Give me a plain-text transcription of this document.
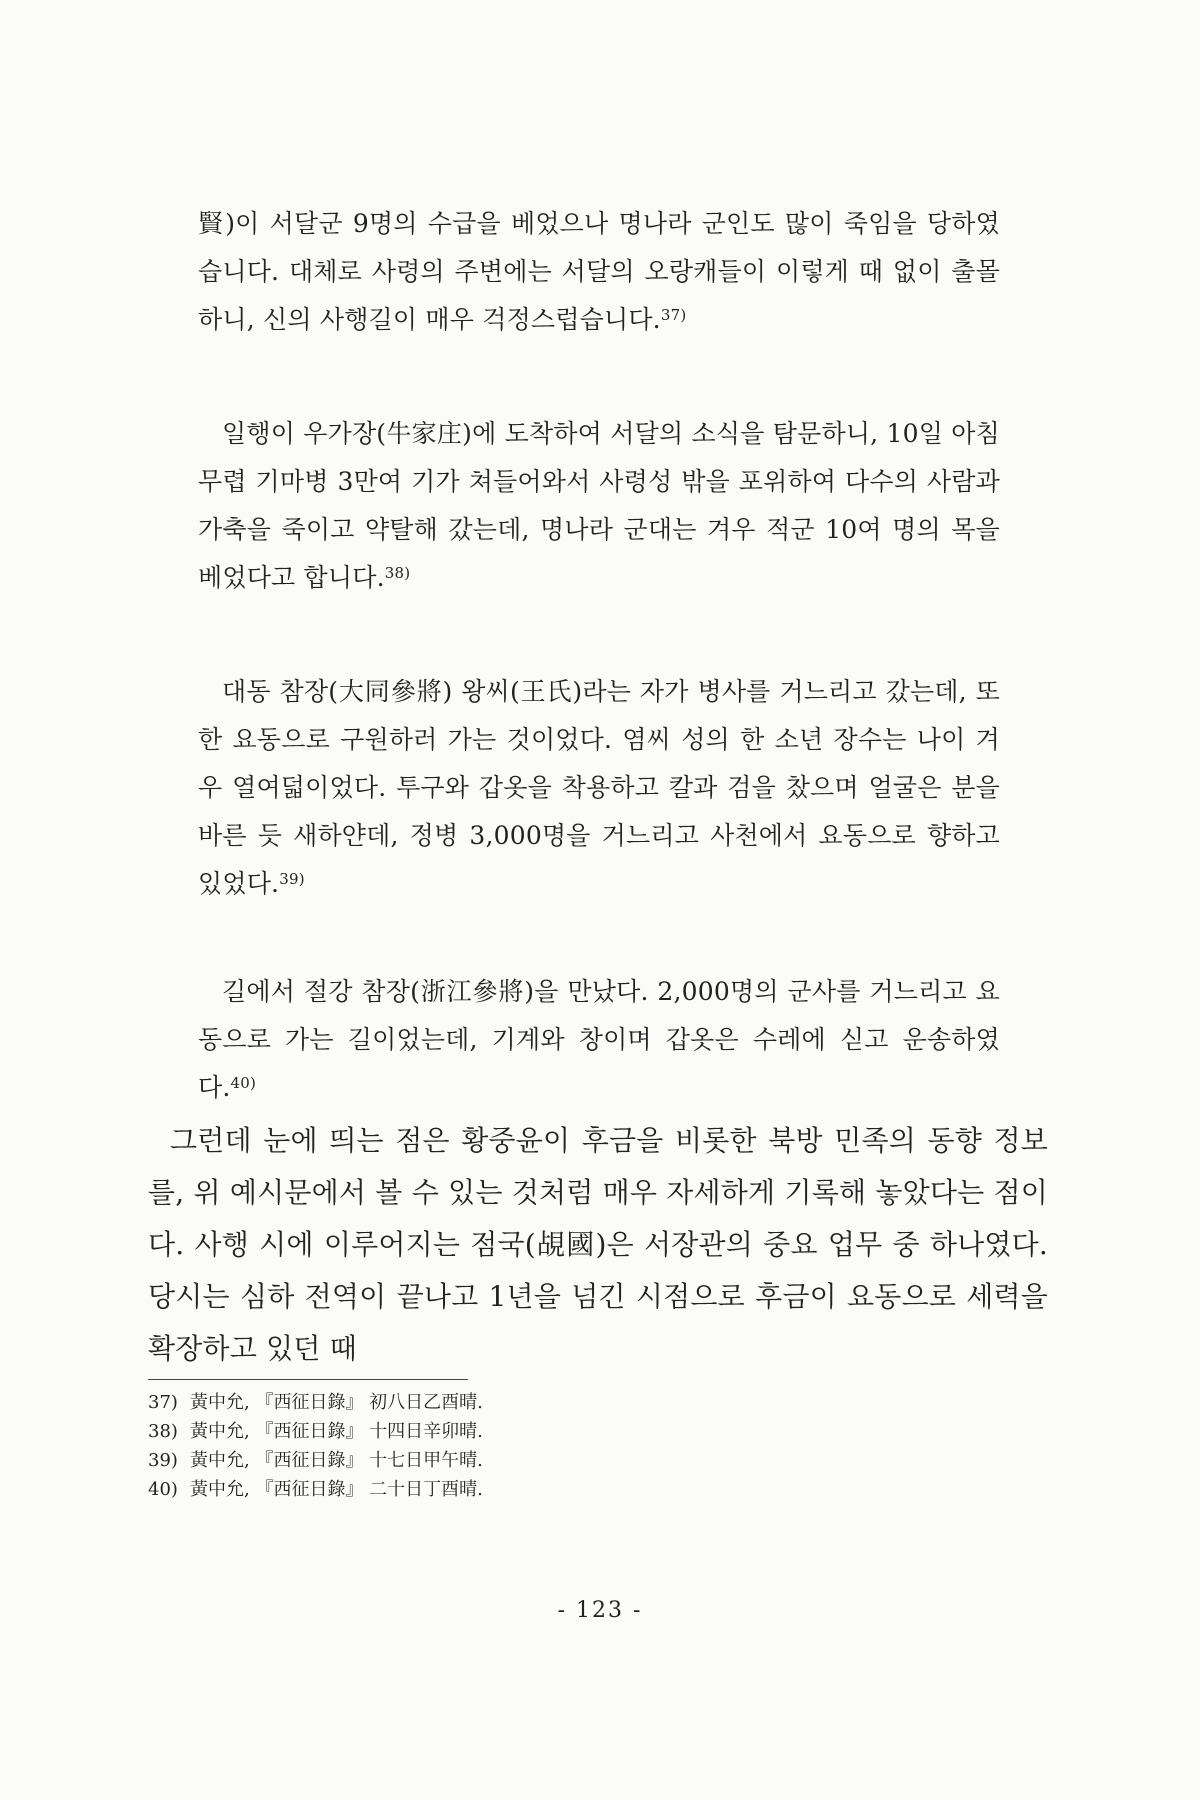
賢)이 서달군 9명의 수급을 베었으나 명나라 군인도 많이 죽임을 당하였습니다. 대체로 사령의 주변에는 서달의 오랑캐들이 이렇게 때 없이 출몰하니, 신의 사행길이 매우 걱정스럽습니다.$^{37)}$

일행이 우가장(牛家庄)에 도착하여 서달의 소식을 탐문하니, 10일 아침 무렵 기마병 3만여 기가 쳐들어와서 사령성 밖을 포위하여 다수의 사람과 가축을 죽이고 약탈해 갔는데, 명나라 군대는 겨우 적군 10여 명의 목을 베었다고 합니다.$^{38)}$

대동 참장(大同參將) 왕씨(王氏)라는 자가 병사를 거느리고 갔는데, 또한 요동으로 구원하러 가는 것이었다. 염씨 성의 한 소년 장수는 나이 겨우 열여덟이었다. 투구와 갑옷을 착용하고 칼과 검을 찼으며 얼굴은 분을 바른 듯 새하얀데, 정병 3,000명을 거느리고 사천에서 요동으로 향하고 있었다.$^{39)}$

길에서 절강 참장(浙江參將)을 만났다. 2,000명의 군사를 거느리고 요동으로 가는 길이었는데, 기계와 창이며 갑옷은 수레에 싣고 운송하였다.$^{40)}$

그런데 눈에 띄는 점은 황중윤이 후금을 비롯한 북방 민족의 동향 정보를, 위 예시문에서 볼 수 있는 것처럼 매우 자세하게 기록해 놓았다는 점이다. 사행 시에 이루어지는 점국(覘國)은 서장관의 중요 업무 중 하나였다. 당시는 심하 전역이 끝나고 1년을 넘긴 시점으로 후금이 요동으로 세력을 확장하고 있던 때
37) 黃中允, 『西征日錄』 初八日乙酉晴.
38) 黃中允, 『西征日錄』 十四日辛卯晴.
39) 黃中允, 『西征日錄』 十七日甲午晴.
40) 黃中允, 『西征日錄』 二十日丁酉晴.
- 123 -
